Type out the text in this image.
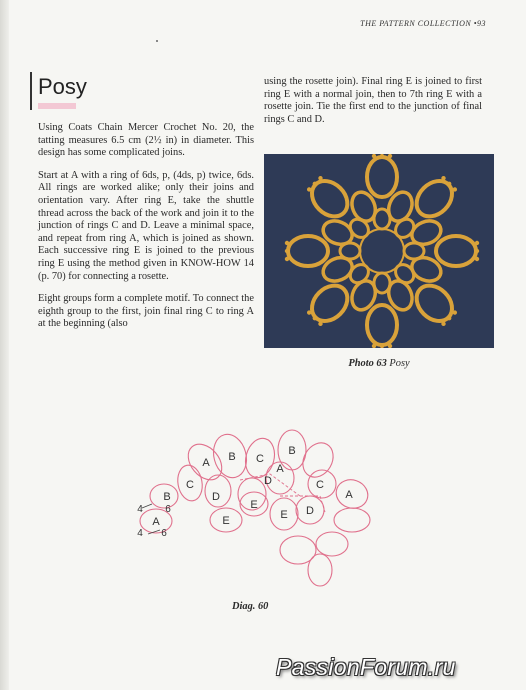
THE PATTERN COLLECTION •93
Posy

Using Coats Chain Mercer Crochet No. 20, the tatting measures 6.5 cm (2½ in) in diameter. This design has some complicated joins.

Start at A with a ring of 6ds, p, (4ds, p) twice, 6ds. All rings are worked alike; only their joins and orientation vary. After ring E, take the shuttle thread across the back of the work and join it to the junction of rings C and D. Leave a minimal space, and repeat from ring A, which is joined as shown. Each successive ring E is joined to the previous ring E using the method given in KNOW-HOW 14 (p. 70) for connecting a rosette.

Eight groups form a complete motif. To connect the eighth group to the first, join final ring C to ring A at the beginning (also

using the rosette join). Final ring E is joined to first ring E with a normal join, then to 7th ring E with a rosette join. Tie the first end to the junction of final rings C and D.

Photo 63 Posy
A B C
B
A
D
C
B	D
E
C
A
E D
A	E
4 6
4 6
Diag. 60
PassionForum.ru
